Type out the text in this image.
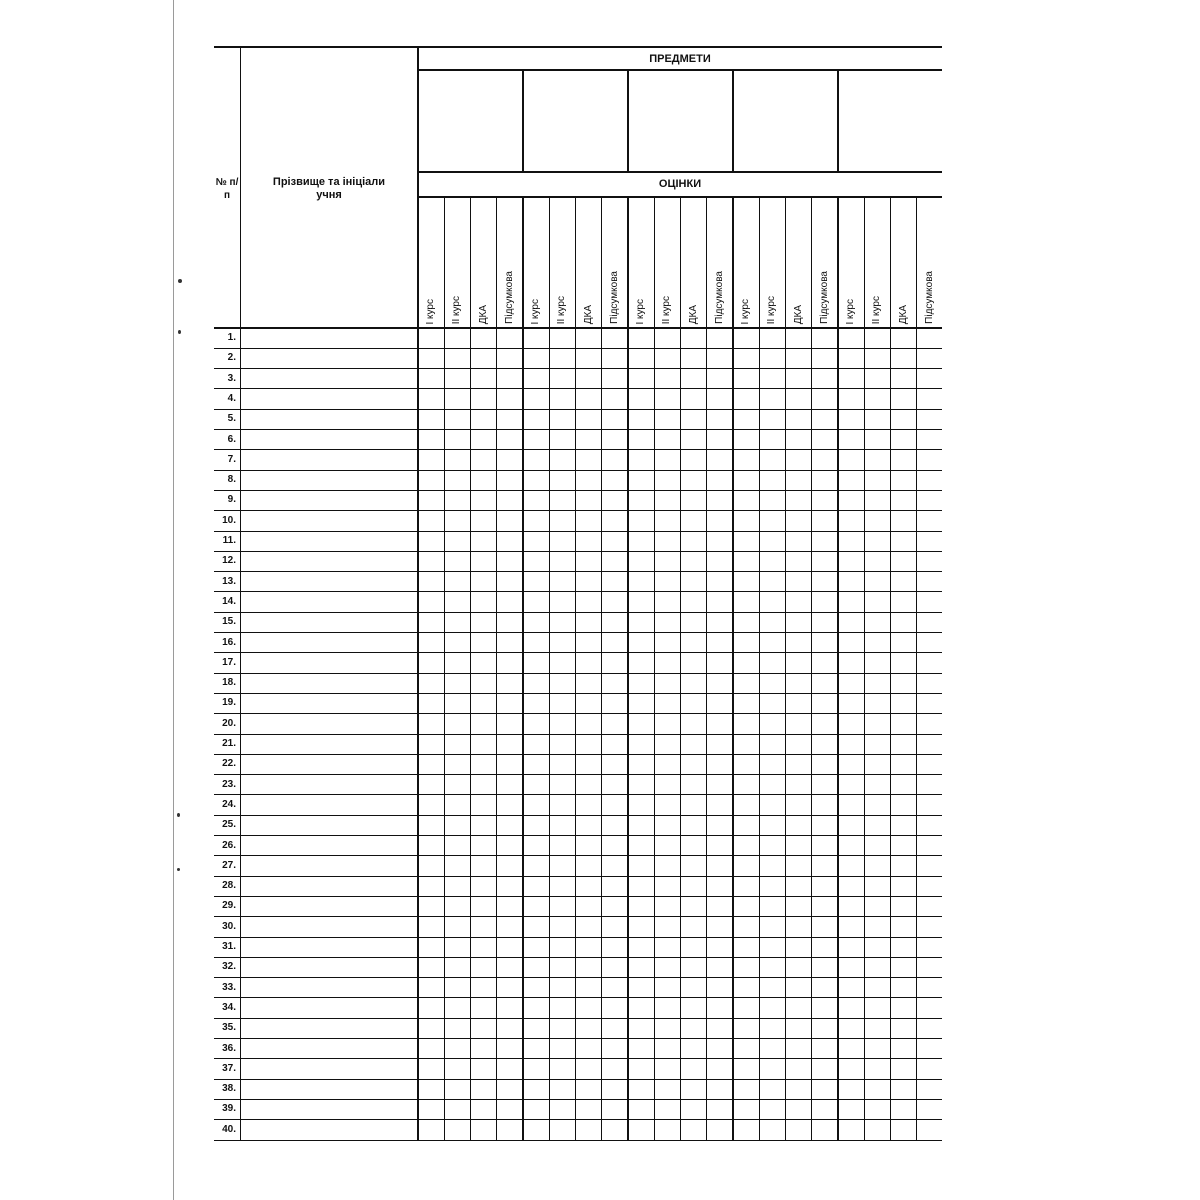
ПРЕДМЕТИ
ОЦІНКИ
№ п/п
Прізвище та ініціали учня
І курс ІІ курс ДКА Підсумкова І курс ІІ курс ДКА Підсумкова І курс ІІ курс ДКА Підсумкова І курс ІІ курс ДКА Підсумкова І курс ІІ курс ДКА Підсумкова
1.
2.
3.
4.
5.
6.
7.
8.
9.
10.
11.
12.
13.
14.
15.
16.
17.
18.
19.
20.
21.
22.
23.
24.
25.
26.
27.
28.
29.
30.
31.
32.
33.
34.
35.
36.
37.
38.
39.
40.
